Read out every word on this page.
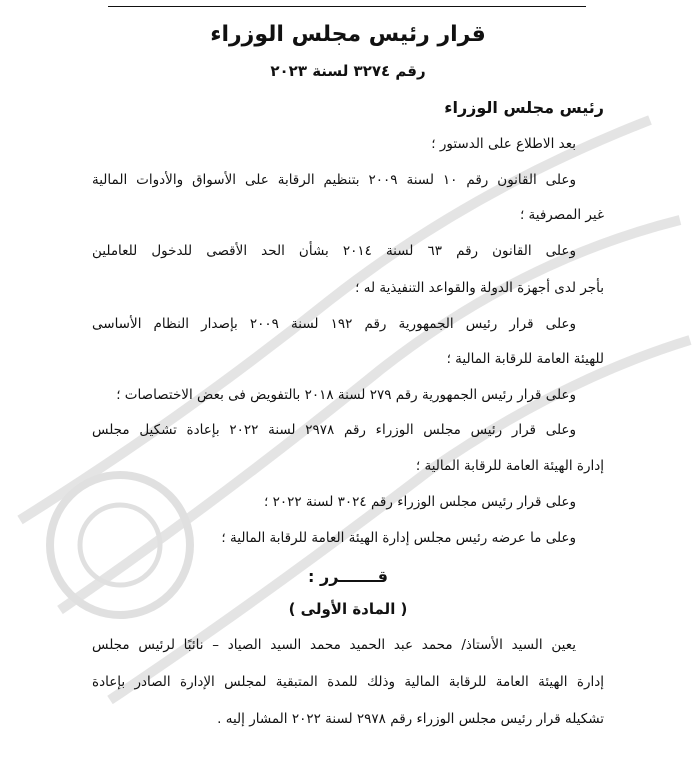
قرار رئيس مجلس الوزراء
رقم ٣٢٧٤ لسنة ٢٠٢٣
رئيس مجلس الوزراء
بعد الاطلاع على الدستور ؛
وعلى القانون رقم ١٠ لسنة ٢٠٠٩ بتنظيم الرقابة على الأسواق والأدوات المالية
غير المصرفية ؛
وعلى القانون رقم ٦٣ لسنة ٢٠١٤ بشأن الحد الأقصى للدخول للعاملين
بأجر لدى أجهزة الدولة والقواعد التنفيذية له ؛
وعلى قرار رئيس الجمهورية رقم ١٩٢ لسنة ٢٠٠٩ بإصدار النظام الأساسى
للهيئة العامة للرقابة المالية ؛
وعلى قرار رئيس الجمهورية رقم ٢٧٩ لسنة ٢٠١٨ بالتفويض فى بعض الاختصاصات ؛
وعلى قرار رئيس مجلس الوزراء رقم ٢٩٧٨ لسنة ٢٠٢٢ بإعادة تشكيل مجلس
إدارة الهيئة العامة للرقابة المالية ؛
وعلى قرار رئيس مجلس الوزراء رقم ٣٠٢٤ لسنة ٢٠٢٢ ؛
وعلى ما عرضه رئيس مجلس إدارة الهيئة العامة للرقابة المالية ؛
قـــــــرر :
( المادة الأولى )
يعين السيد الأستاذ/ محمد عبد الحميد محمد السيد الصياد – نائبًا لرئيس مجلس
إدارة الهيئة العامة للرقابة المالية وذلك للمدة المتبقية لمجلس الإدارة الصادر بإعادة
تشكيله قرار رئيس مجلس الوزراء رقم ٢٩٧٨ لسنة ٢٠٢٢ المشار إليه .
